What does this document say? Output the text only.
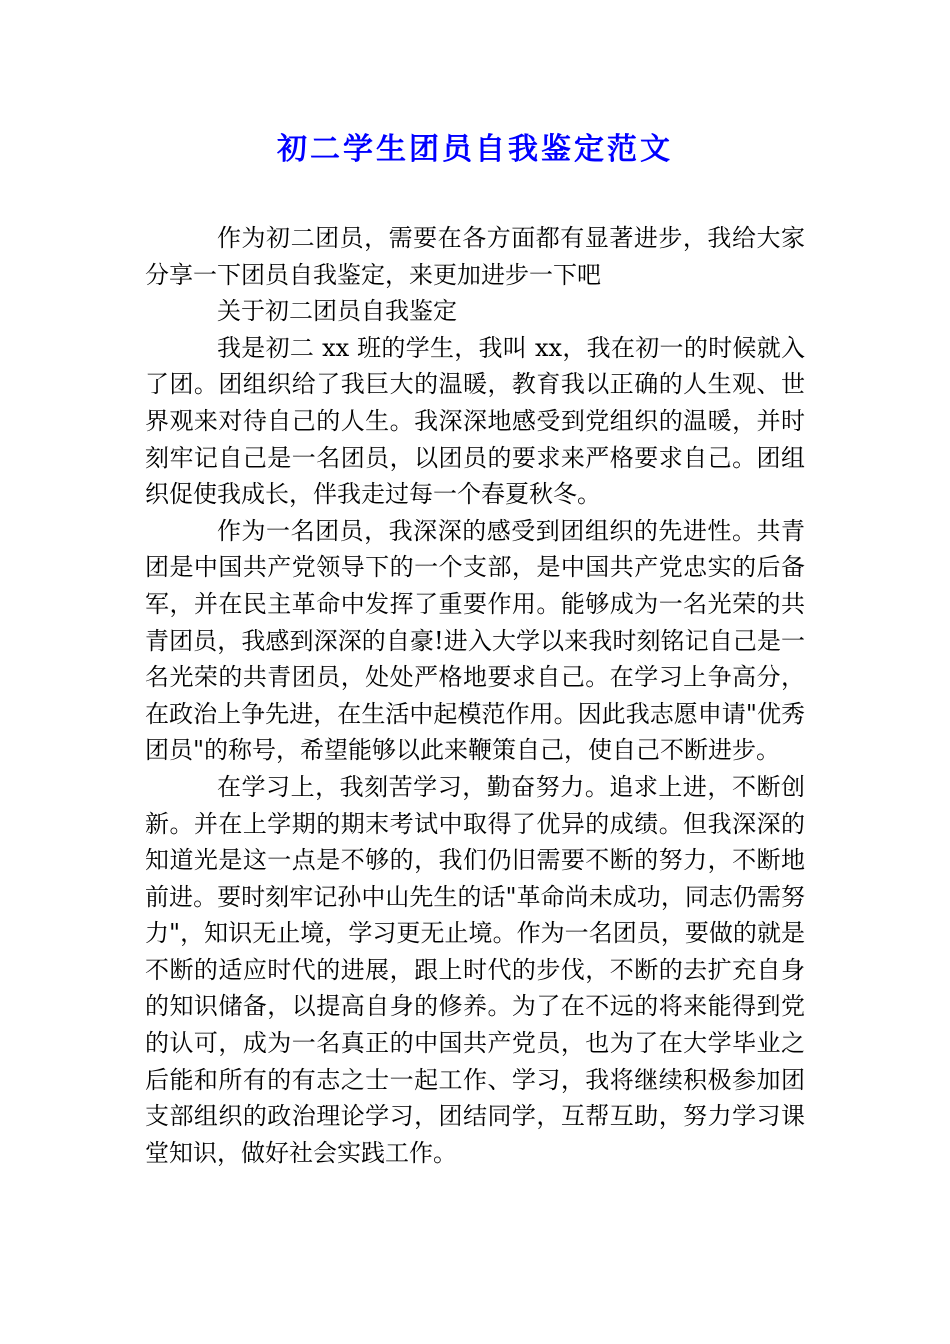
初二学生团员自我鉴定范文

作为初二团员，需要在各方面都有显著进步，我给大家分享一下团员自我鉴定，来更加进步一下吧

关于初二团员自我鉴定

我是初二 xx 班的学生，我叫 xx，我在初一的时候就入了团。团组织给了我巨大的温暖，教育我以正确的人生观、世界观来对待自己的人生。我深深地感受到党组织的温暖，并时刻牢记自己是一名团员，以团员的要求来严格要求自己。团组织促使我成长，伴我走过每一个春夏秋冬。

作为一名团员，我深深的感受到团组织的先进性。共青团是中国共产党领导下的一个支部，是中国共产党忠实的后备军，并在民主革命中发挥了重要作用。能够成为一名光荣的共青团员，我感到深深的自豪!进入大学以来我时刻铭记自己是一名光荣的共青团员，处处严格地要求自己。在学习上争高分，在政治上争先进，在生活中起模范作用。因此我志愿申请"优秀团员"的称号，希望能够以此来鞭策自己，使自己不断进步。

在学习上，我刻苦学习，勤奋努力。追求上进，不断创新。并在上学期的期末考试中取得了优异的成绩。但我深深的知道光是这一点是不够的，我们仍旧需要不断的努力，不断地前进。要时刻牢记孙中山先生的话"革命尚未成功，同志仍需努力"，知识无止境，学习更无止境。作为一名团员，要做的就是不断的适应时代的进展，跟上时代的步伐，不断的去扩充自身的知识储备，以提高自身的修养。为了在不远的将来能得到党的认可，成为一名真正的中国共产党员，也为了在大学毕业之后能和所有的有志之士一起工作、学习，我将继续积极参加团支部组织的政治理论学习，团结同学，互帮互助，努力学习课堂知识，做好社会实践工作。
